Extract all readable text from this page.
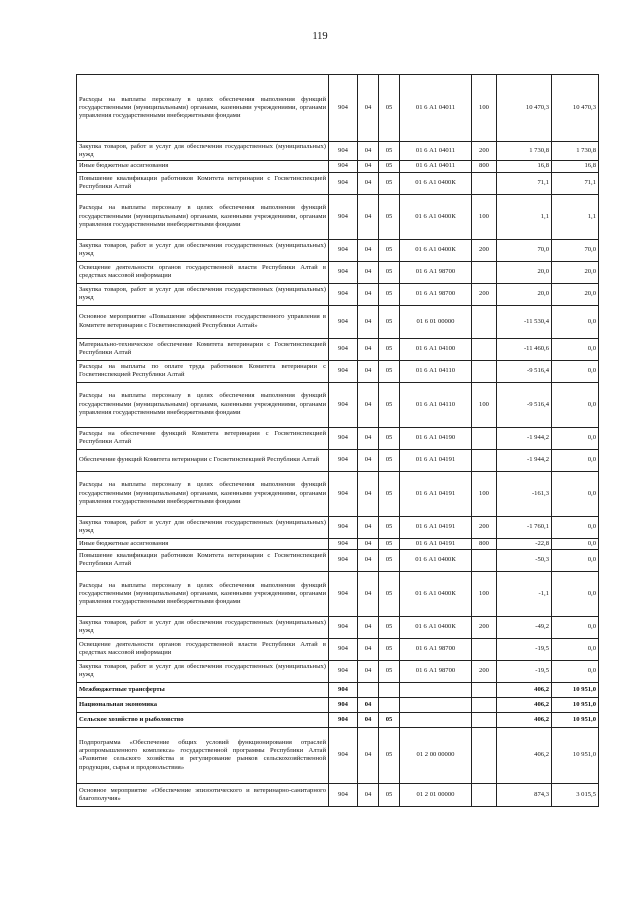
119
Расходы на выплаты персоналу в целях обеспечения выполнения функций государственными (муниципальными) органами, казенными учреждениями, органами управления государственными внебюджетными фондами	904	04	05	01 6 А1 04011	100	10 470,3	10 470,3
Закупка товаров, работ и услуг для обеспечения государственных (муниципальных) нужд	904	04	05	01 6 А1 04011	200	1 730,8	1 730,8
Иные бюджетные ассигнования	904	04	05	01 6 А1 04011	800	16,8	16,8
Повышение квалификации работников Комитета ветеринарии с Госветинспекцией Республики Алтай	904	04	05	01 6 А1 0400К		71,1	71,1
Расходы на выплаты персоналу в целях обеспечения выполнения функций государственными (муниципальными) органами, казенными учреждениями, органами управления государственными внебюджетными фондами	904	04	05	01 6 А1 0400К	100	1,1	1,1
Закупка товаров, работ и услуг для обеспечения государственных (муниципальных) нужд	904	04	05	01 6 А1 0400К	200	70,0	70,0
Освещение деятельности органов государственной власти Республики Алтай в средствах массовой информации	904	04	05	01 6 А1 98700		20,0	20,0
Закупка товаров, работ и услуг для обеспечения государственных (муниципальных) нужд	904	04	05	01 6 А1 98700	200	20,0	20,0
Основное мероприятие «Повышение эффективности государственного управления в Комитете ветеринарии с Госветинспекцией Республики Алтай»	904	04	05	01 6 01 00000		-11 530,4	0,0
Материально-техническое обеспечение Комитета ветеринарии с Госветинспекцией Республики Алтай	904	04	05	01 6 А1 04100		-11 460,6	0,0
Расходы на выплаты по оплате труда работников Комитета ветеринарии с Госветинспекцией Республики Алтай	904	04	05	01 6 А1 04110		-9 516,4	0,0
Расходы на выплаты персоналу в целях обеспечения выполнения функций государственными (муниципальными) органами, казенными учреждениями, органами управления государственными внебюджетными фондами	904	04	05	01 6 А1 04110	100	-9 516,4	0,0
Расходы на обеспечение функций Комитета ветеринарии с Госветинспекцией Республики Алтай	904	04	05	01 6 А1 04190		-1 944,2	0,0
Обеспечение функций Комитета ветеринарии с Госветинспекцией Республики Алтай	904	04	05	01 6 А1 04191		-1 944,2	0,0
Расходы на выплаты персоналу в целях обеспечения выполнения функций государственными (муниципальными) органами, казенными учреждениями, органами управления государственными внебюджетными фондами	904	04	05	01 6 А1 04191	100	-161,3	0,0
Закупка товаров, работ и услуг для обеспечения государственных (муниципальных) нужд	904	04	05	01 6 А1 04191	200	-1 760,1	0,0
Иные бюджетные ассигнования	904	04	05	01 6 А1 04191	800	-22,8	0,0
Повышение квалификации работников Комитета ветеринарии с Госветинспекцией Республики Алтай	904	04	05	01 6 А1 0400К		-50,3	0,0
Расходы на выплаты персоналу в целях обеспечения выполнения функций государственными (муниципальными) органами, казенными учреждениями, органами управления государственными внебюджетными фондами	904	04	05	01 6 А1 0400К	100	-1,1	0,0
Закупка товаров, работ и услуг для обеспечения государственных (муниципальных) нужд	904	04	05	01 6 А1 0400К	200	-49,2	0,0
Освещение деятельности органов государственной власти Республики Алтай в средствах массовой информации	904	04	05	01 6 А1 98700		-19,5	0,0
Закупка товаров, работ и услуг для обеспечения государственных (муниципальных) нужд	904	04	05	01 6 А1 98700	200	-19,5	0,0
Межбюджетные трансферты	904					406,2	10 951,0
Национальная экономика	904	04				406,2	10 951,0
Сельское хозяйство и рыболовство	904	04	05			406,2	10 951,0
Подпрограмма «Обеспечение общих условий функционирования отраслей агропромышленного комплекса» государственной программы Республики Алтай «Развитие сельского хозяйства и регулирование рынков сельскохозяйственной продукции, сырья и продовольствия»	904	04	05	01 2 00 00000		406,2	10 951,0
Основное мероприятие «Обеспечение эпизоотического и ветеринарно-санитарного благополучия»	904	04	05	01 2 01 00000		874,3	3 015,5
